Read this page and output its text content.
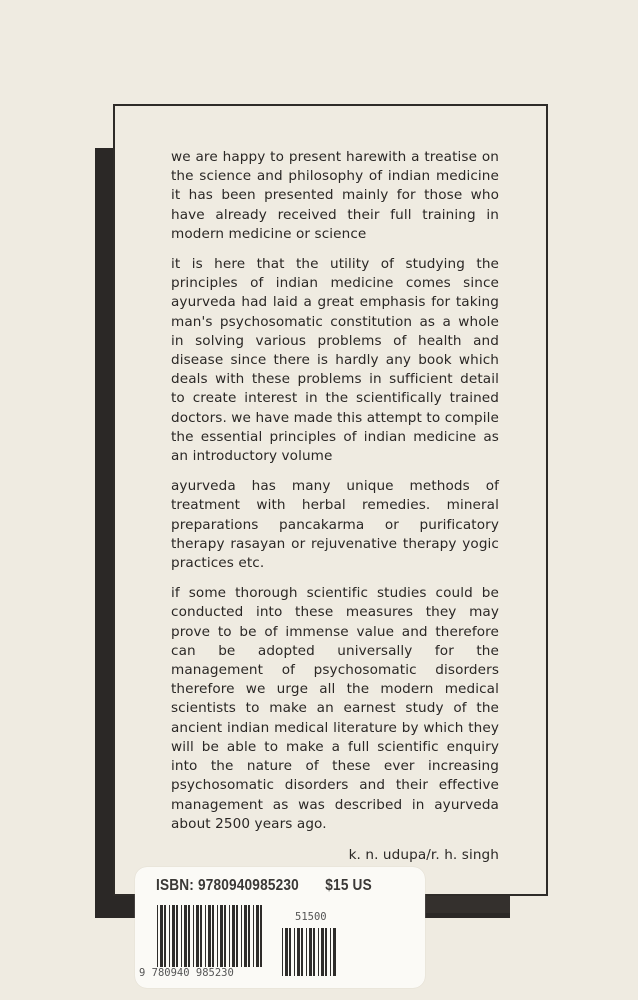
we are happy to present harewith a treatise on the science and philosophy of indian medicine it has been presented mainly for those who have already received their full training in modern medicine or science

it is here that the utility of studying the principles of indian medicine comes since ayurveda had laid a great emphasis for taking man's psychosomatic constitution as a whole in solving various problems of health and disease since there is hardly any book which deals with these problems in sufficient detail to create interest in the scientifically trained doctors. we have made this attempt to compile the essential principles of indian medicine as an introductory volume

ayurveda has many unique methods of treatment with herbal remedies. mineral preparations pancakarma or purificatory therapy rasayan or rejuvenative therapy yogic practices etc.

if some thorough scientific studies could be conducted into these measures they may prove to be of immense value and therefore can be adopted universally for the management of psychosomatic disorders therefore we urge all the modern medical scientists to make an earnest study of the ancient indian medical literature by which they will be able to make a full scientific enquiry into the nature of these ever increasing psychosomatic disorders and their effective management as was described in ayurveda about 2500 years ago.

k. n. udupa/r. h. singh
ISBN: 9780940985230 $15 US
9 780940 985230
51500
